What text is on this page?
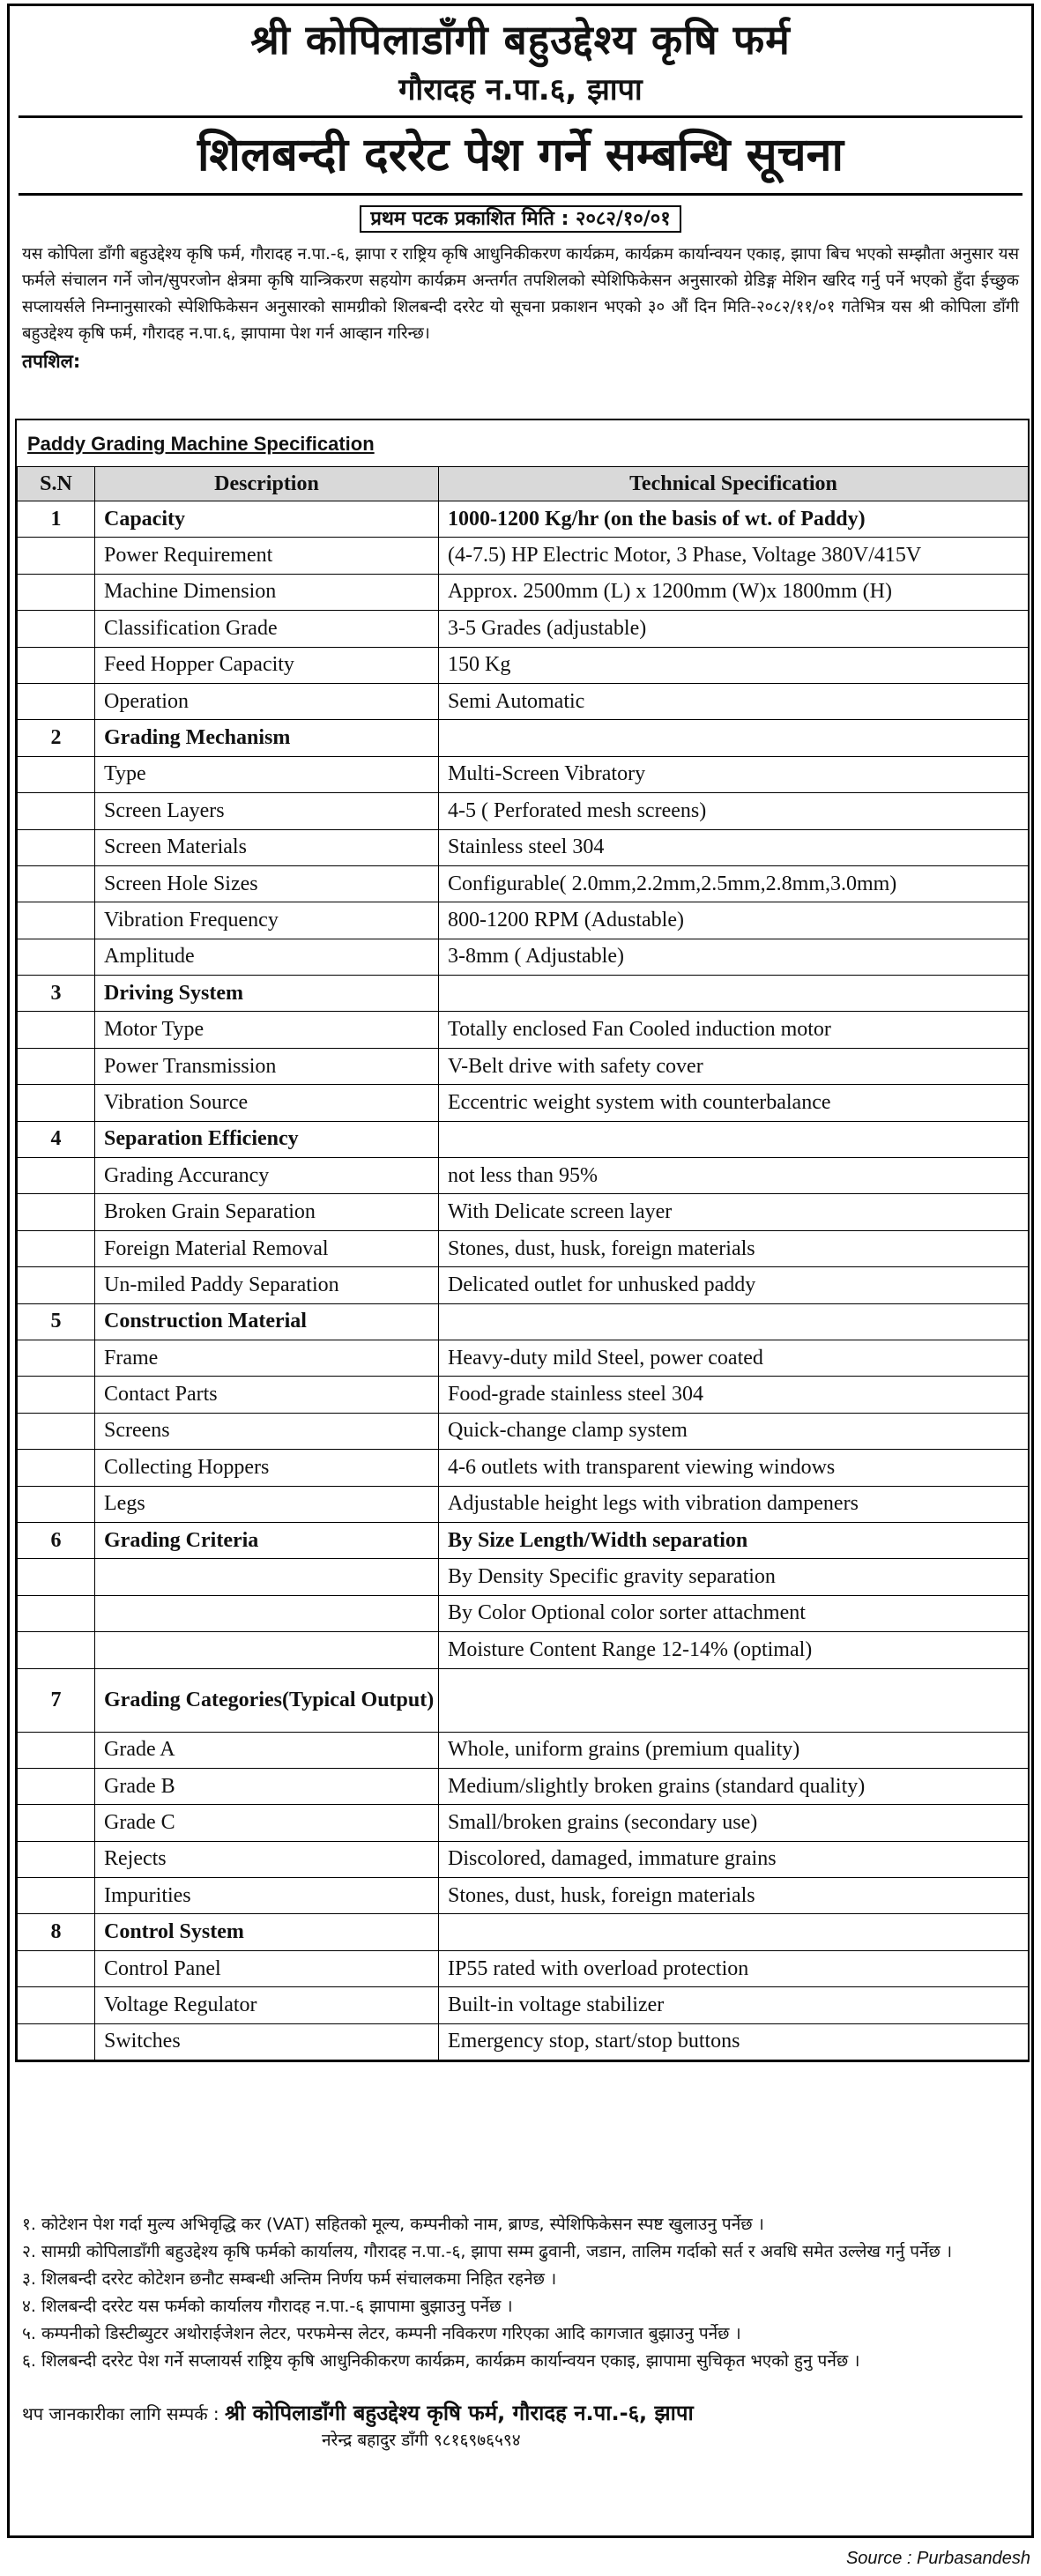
श्री कोपिलाडाँगी बहुउद्देश्य कृषि फर्म
गौरादह न.पा.६, झापा
शिलबन्दी दररेट पेश गर्ने सम्बन्धि सूचना
प्रथम पटक प्रकाशित मिति : २०८२/१०/०१
यस कोपिला डाँगी बहुउद्देश्य कृषि फर्म, गौरादह न.पा.-६, झापा र राष्ट्रिय कृषि आधुनिकीकरण कार्यक्रम, कार्यक्रम कार्यान्वयन एकाइ, झापा बिच भएको सम्झौता अनुसार यस फर्मले संचालन गर्ने जोन/सुपरजोन क्षेत्रमा कृषि यान्त्रिकरण सहयोग कार्यक्रम अन्तर्गत तपशिलको स्पेशिफिकेसन अनुसारको ग्रेडिङ्ग मेशिन खरिद गर्नु पर्ने भएको हुँदा ईच्छुक सप्लायर्सले निम्नानुसारको स्पेशिफिकेसन अनुसारको सामग्रीको शिलबन्दी दररेट यो सूचना प्रकाशन भएको ३० औं दिन मिति-२०८२/११/०१ गतेभित्र यस श्री कोपिला डाँगी बहुउद्देश्य कृषि फर्म, गौरादह न.पा.६, झापामा पेश गर्न आव्हान गरिन्छ।
तपशिल:
Paddy Grading Machine Specification
S.N	Description	Technical Specification
1	Capacity	1000-1200 Kg/hr (on the basis of wt. of Paddy)
	Power Requirement	(4-7.5) HP Electric Motor, 3 Phase, Voltage 380V/415V
	Machine Dimension	Approx. 2500mm (L) x 1200mm (W)x 1800mm (H)
	Classification Grade	3-5 Grades (adjustable)
	Feed Hopper Capacity	150 Kg
	Operation	Semi Automatic
2	Grading Mechanism	
	Type	Multi-Screen Vibratory
	Screen Layers	4-5 ( Perforated mesh screens)
	Screen Materials	Stainless steel 304
	Screen Hole Sizes	Configurable( 2.0mm,2.2mm,2.5mm,2.8mm,3.0mm)
	Vibration Frequency	800-1200 RPM (Adustable)
	Amplitude	3-8mm ( Adjustable)
3	Driving System	
	Motor Type	Totally enclosed Fan Cooled induction motor
	Power Transmission	V-Belt drive with safety cover
	Vibration Source	Eccentric weight system with counterbalance
4	Separation Efficiency	
	Grading Accurancy	not less than 95%
	Broken Grain Separation	With Delicate screen layer
	Foreign Material Removal	Stones, dust, husk, foreign materials
	Un-miled Paddy Separation	Delicated outlet for unhusked paddy
5	Construction Material	
	Frame	Heavy-duty mild Steel, power coated
	Contact Parts	Food-grade stainless steel 304
	Screens	Quick-change clamp system
	Collecting Hoppers	4-6 outlets with transparent viewing windows
	Legs	Adjustable height legs with vibration dampeners
6	Grading Criteria	By Size Length/Width separation
		By Density Specific gravity separation
		By Color Optional color sorter attachment
		Moisture Content Range 12-14% (optimal)
7	Grading Categories(Typical Output)	
	Grade A	Whole, uniform grains (premium quality)
	Grade B	Medium/slightly broken grains (standard quality)
	Grade C	Small/broken grains (secondary use)
	Rejects	Discolored, damaged, immature grains
	Impurities	Stones, dust, husk, foreign materials
8	Control System	
	Control Panel	IP55 rated with overload protection
	Voltage Regulator	Built-in voltage stabilizer
	Switches	Emergency stop, start/stop buttons

१. कोटेशन पेश गर्दा मुल्य अभिवृद्धि कर (VAT) सहितको मूल्य, कम्पनीको नाम, ब्राण्ड, स्पेशिफिकेसन स्पष्ट खुलाउनु पर्नेछ ।

२. सामग्री कोपिलाडाँगी बहुउद्देश्य कृषि फर्मको कार्यालय, गौरादह न.पा.-६, झापा सम्म ढुवानी, जडान, तालिम गर्दाको सर्त र अवधि समेत उल्लेख गर्नु पर्नेछ ।

३. शिलबन्दी दररेट कोटेशन छनौट सम्बन्धी अन्तिम निर्णय फर्म संचालकमा निहित रहनेछ ।

४. शिलबन्दी दररेट यस फर्मको कार्यालय गौरादह न.पा.-६ झापामा बुझाउनु पर्नेछ ।

५. कम्पनीको डिस्टीब्युटर अथोराईजेशन लेटर, परफमेन्स लेटर, कम्पनी नविकरण गरिएका आदि कागजात बुझाउनु पर्नेछ ।

६. शिलबन्दी दररेट पेश गर्ने सप्लायर्स राष्ट्रिय कृषि आधुनिकीकरण कार्यक्रम, कार्यक्रम कार्यान्वयन एकाइ, झापामा सुचिकृत भएको हुनु पर्नेछ ।

थप जानकारीका लागि सम्पर्क : श्री कोपिलाडाँगी बहुउद्देश्य कृषि फर्म, गौरादह न.पा.-६, झापा
नरेन्द्र बहादुर डाँगी ९८१६९७६५९४
Source : Purbasandesh
